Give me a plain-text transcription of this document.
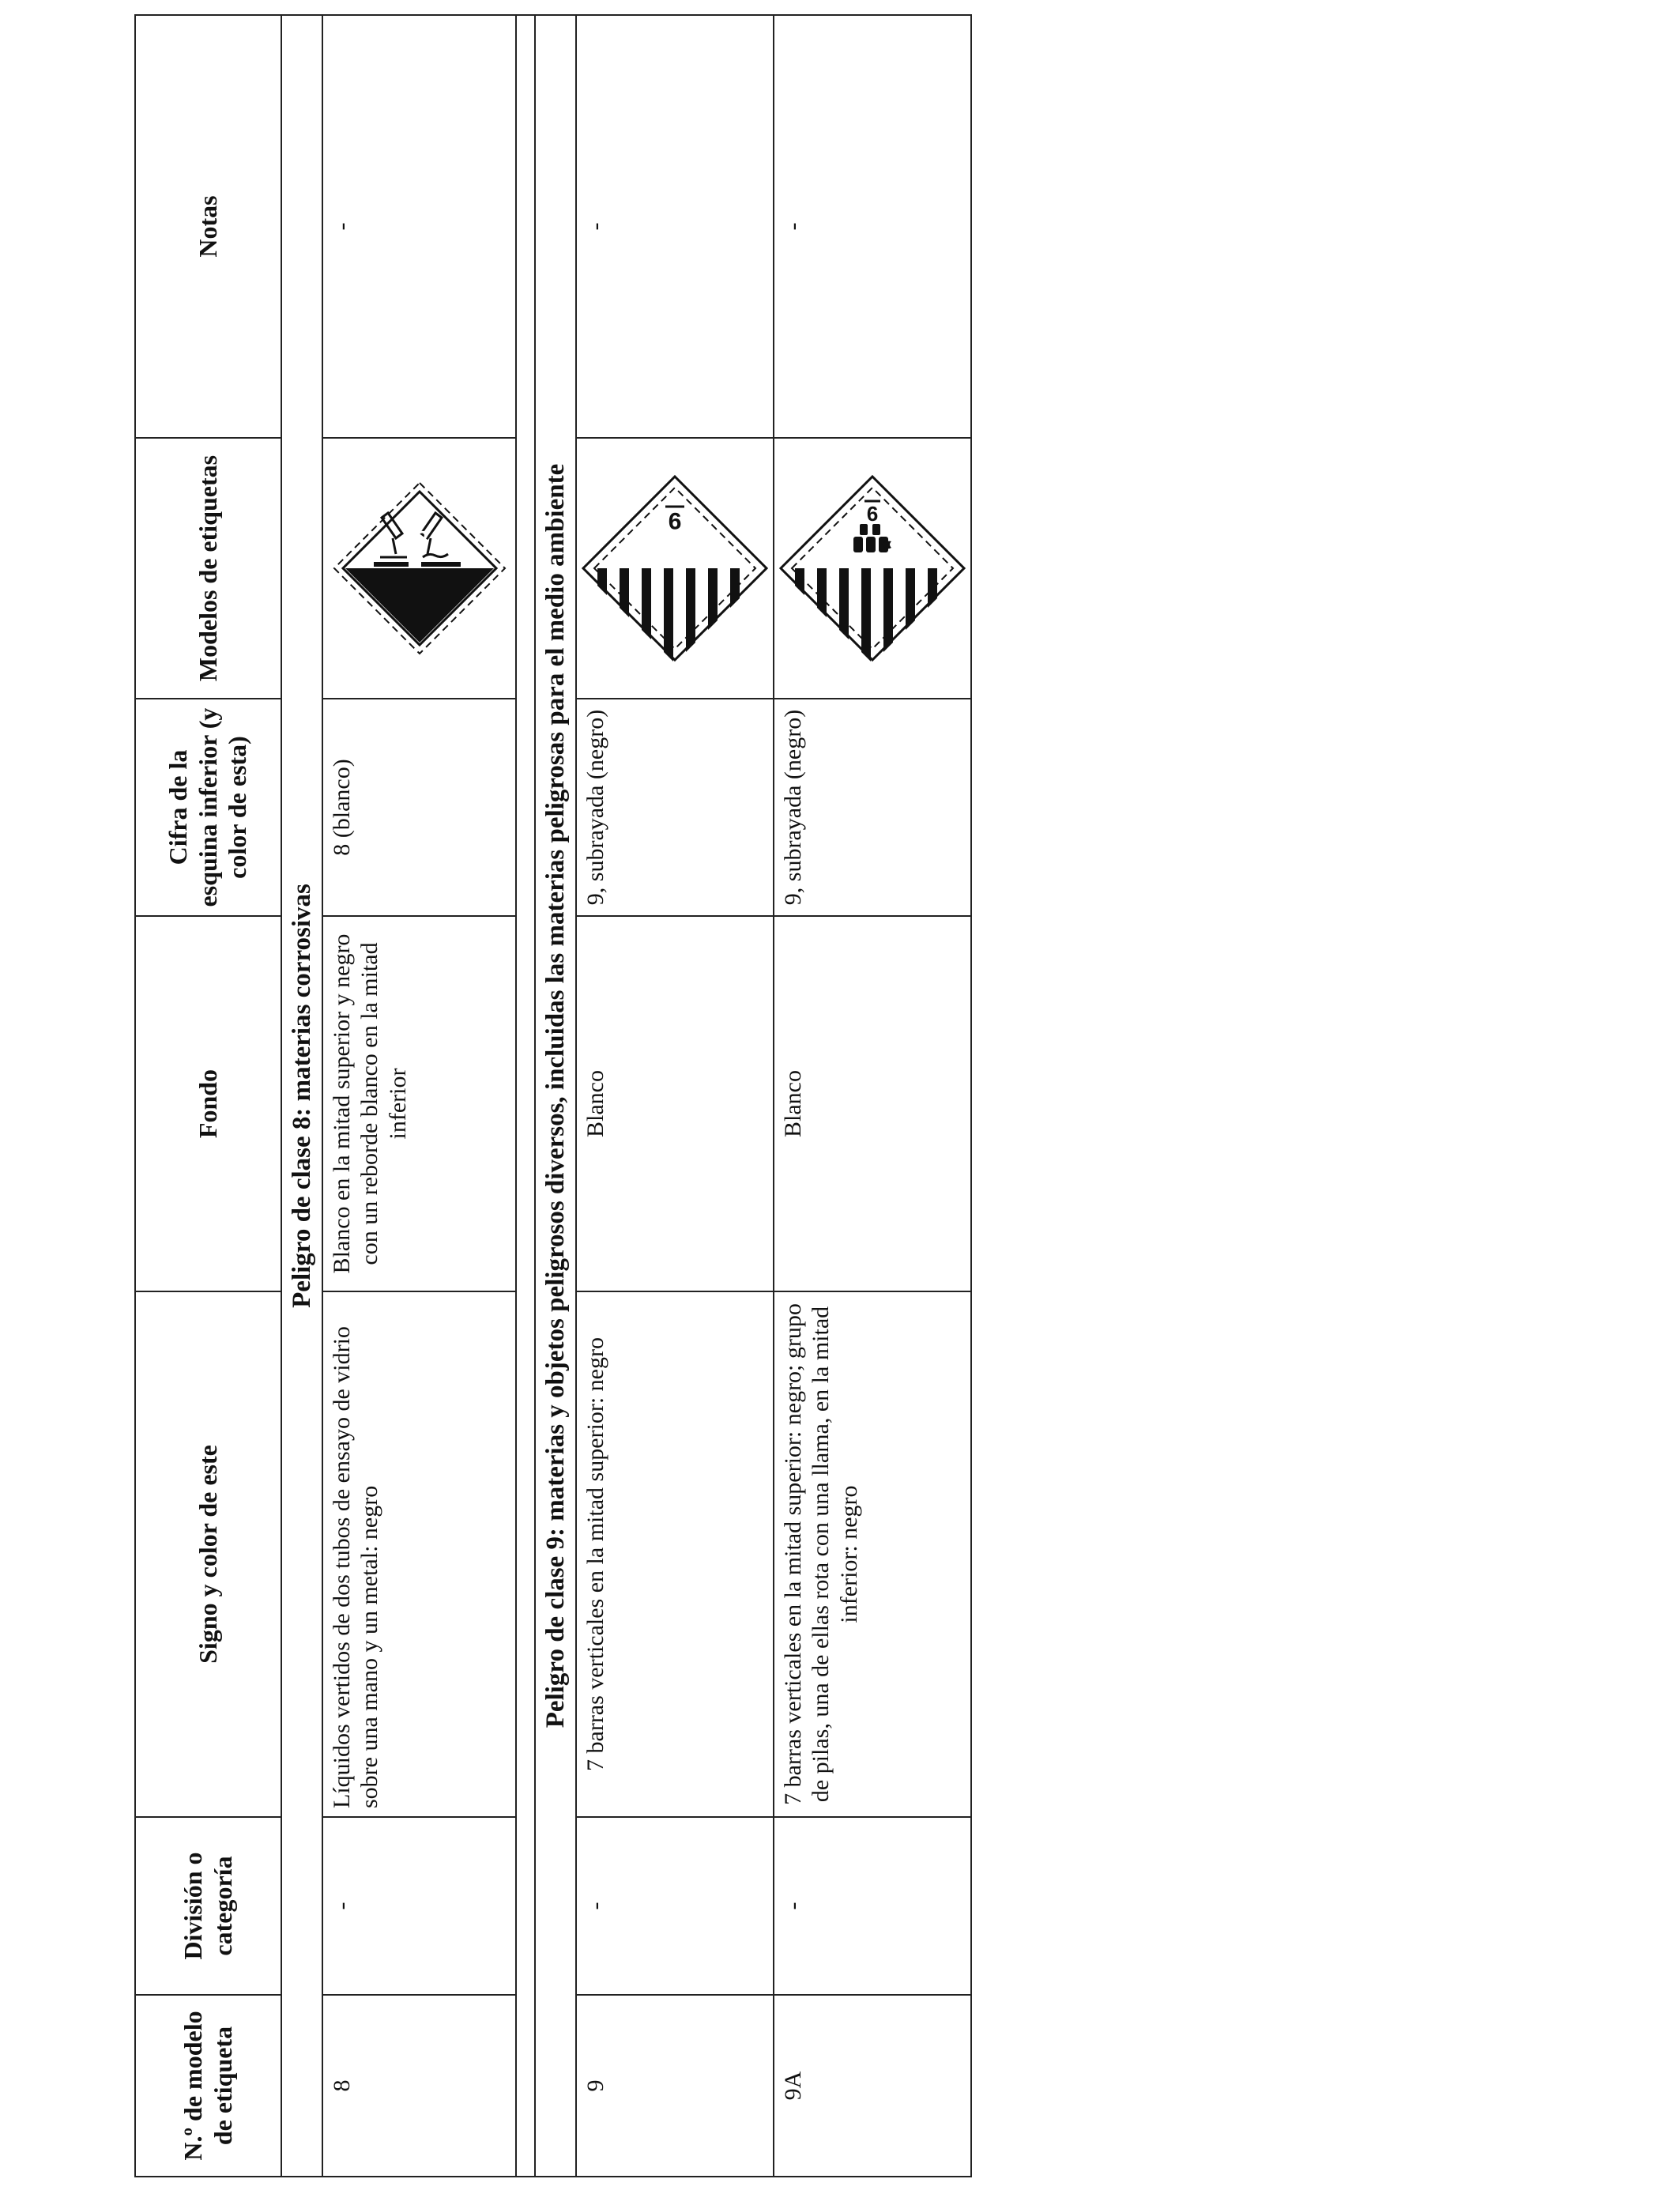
N.º de modelo de etiqueta	División o categoría	Signo y color de este	Fondo	Cifra de la esquina inferior (y color de esta)	Modelos de etiquetas	Notas
Peligro de clase 8: materias corrosivas						
8	-	Líquidos vertidos de dos tubos de ensayo de vidrio sobre una mano y un metal: negro	Blanco en la mitad superior y negro con un reborde blanco en la mitad inferior	8 (blanco)	8	-

Peligro de clase 9: materias y objetos peligrosos diversos, incluidas las materias peligrosas para el medio ambiente						
9	-	7 barras verticales en la mitad superior: negro	Blanco	9, subrayada (negro)	9	-
9A	-	7 barras verticales en la mitad superior: negro; grupo de pilas, una de ellas rota con una llama, en la mitad inferior: negro	Blanco	9, subrayada (negro)	9	-
